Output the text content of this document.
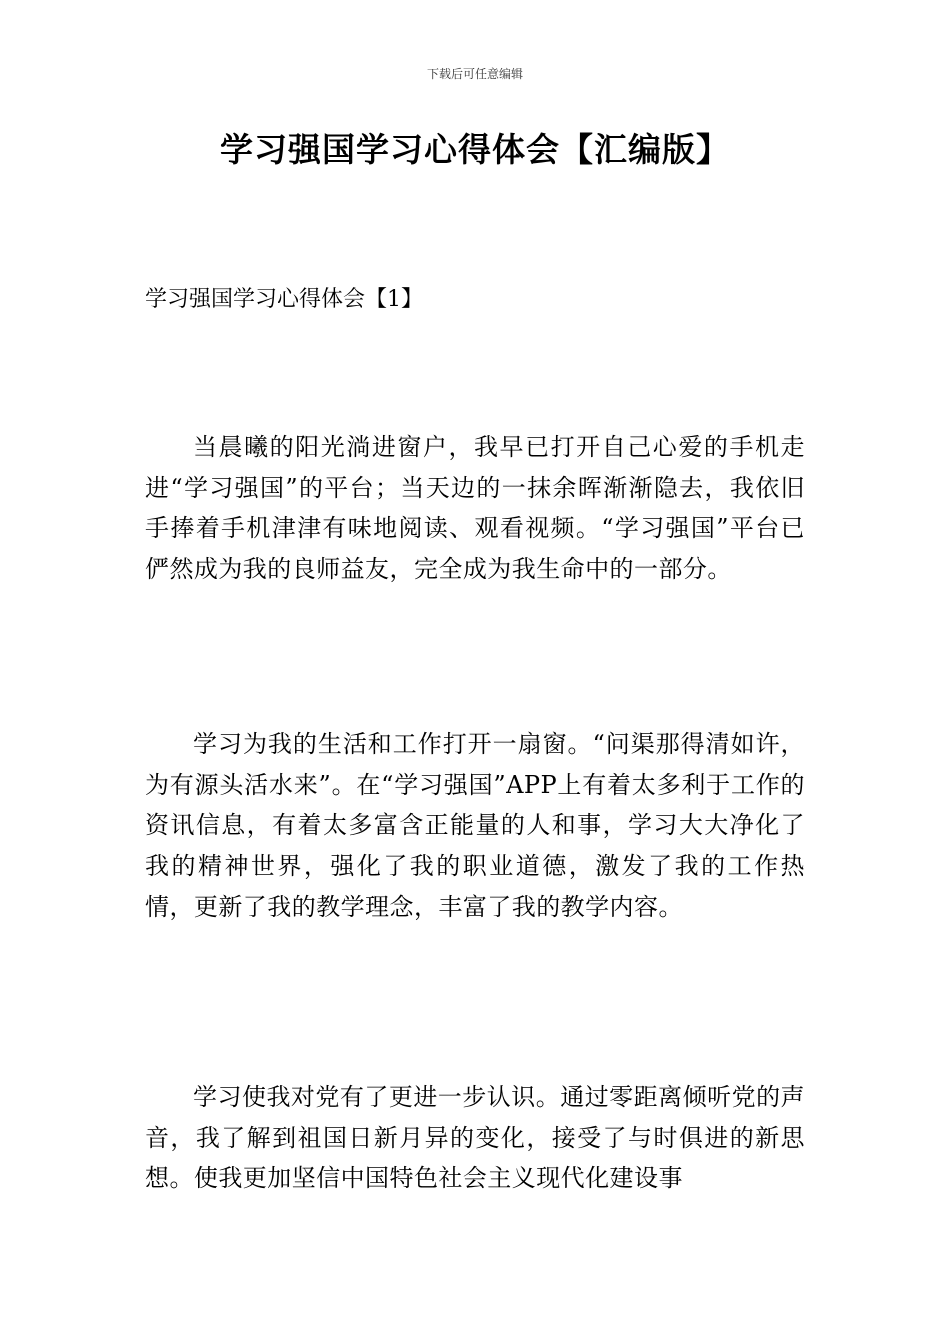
下载后可任意编辑
学习强国学习心得体会【汇编版】
学习强国学习心得体会【1】

当晨曦的阳光淌进窗户，我早已打开自己心爱的手机走进“学习强国”的平台；当天边的一抹余晖渐渐隐去，我依旧手捧着手机津津有味地阅读、观看视频。“学习强国”平台已俨然成为我的良师益友，完全成为我生命中的一部分。

学习为我的生活和工作打开一扇窗。“问渠那得清如许，为有源头活水来”。在“学习强国”APP上有着太多利于工作的资讯信息，有着太多富含正能量的人和事，学习大大净化了我的精神世界，强化了我的职业道德，激发了我的工作热情，更新了我的教学理念，丰富了我的教学内容。

学习使我对党有了更进一步认识。通过零距离倾听党的声音，我了解到祖国日新月异的变化，接受了与时俱进的新思想。使我更加坚信中国特色社会主义现代化建设事
